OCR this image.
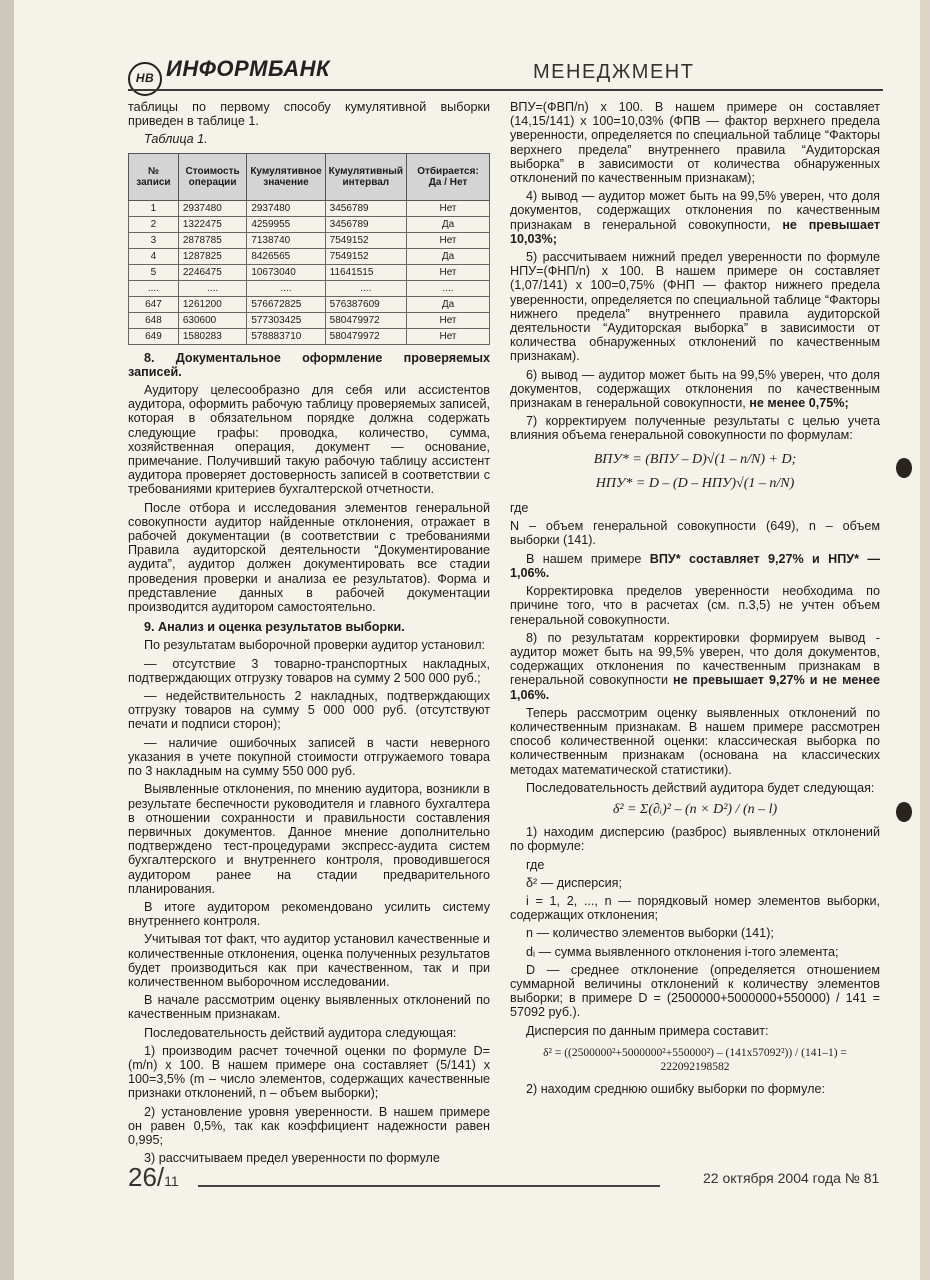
НВ ИНФОРМБАНК	МЕНЕДЖМЕНТ

таблицы по первому способу кумулятивной выборки приведен в таблице 1.

Таблица 1.
№ записи	Стоимость операции	Кумулятивное значение	Кумулятивный интервал	Отбирается: Да / Нет
1	2937480	2937480	3456789	Нет
2	1322475	4259955	3456789	Да
3	2878785	7138740	7549152	Нет
4	1287825	8426565	7549152	Да
5	2246475	10673040	11641515	Нет
....	....	....	....	....
647	1261200	576672825	576387609	Да
648	630600	577303425	580479972	Нет
649	1580283	578883710	580479972	Нет
8. Документальное оформление проверяемых записей.

Аудитору целесообразно для себя или ассистентов аудитора, оформить рабочую таблицу проверяемых записей, которая в обязательном порядке должна содержать следующие графы: проводка, количество, сумма, хозяйственная операция, документ — основание, примечание. Получивший такую рабочую таблицу ассистент аудитора проверяет достоверность записей в соответствии с требованиями критериев бухгалтерской отчетности.

После отбора и исследования элементов генеральной совокупности аудитор найденные отклонения, отражает в рабочей документации (в соответствии с требованиями Правила аудиторской деятельности “Документирование аудита”, аудитор должен документировать все стадии проведения проверки и анализа ее результатов). Форма и представление данных в рабочей документации производится аудитором самостоятельно.

9. Анализ и оценка результатов выборки.

По результатам выборочной проверки аудитор установил:

— отсутствие 3 товарно-транспортных накладных, подтверждающих отгрузку товаров на сумму 2 500 000 руб.;

— недействительность 2 накладных, подтверждающих отгрузку товаров на сумму 5 000 000 руб. (отсутствуют печати и подписи сторон);

— наличие ошибочных записей в части неверного указания в учете покупной стоимости отгружаемого товара по 3 накладным на сумму 550 000 руб.

Выявленные отклонения, по мнению аудитора, возникли в результате беспечности руководителя и главного бухгалтера в отношении сохранности и правильности составления первичных документов. Данное мнение дополнительно подтверждено тест-процедурами экспресс-аудита систем бухгалтерского и внутреннего контроля, проводившегося аудитором ранее на стадии предварительного планирования.

В итоге аудитором рекомендовано усилить систему внутреннего контроля.

Учитывая тот факт, что аудитор установил качественные и количественные отклонения, оценка полученных результатов будет производиться как при качественном, так и при количественном выборочном исследовании.

В начале рассмотрим оценку выявленных отклонений по качественным признакам.

Последовательность действий аудитора следующая:

1) производим расчет точечной оценки по формуле D=(m/n) х 100. В нашем примере она составляет (5/141) х 100=3,5% (m – число элементов, содержащих качественные признаки отклонений, n – объем выборки);

2) установление уровня уверенности. В нашем примере он равен 0,5%, так как коэффициент надежности равен 0,995;

3) рассчитываем предел уверенности по формуле

ВПУ=(ФВП/n) х 100. В нашем примере он составляет (14,15/141) х 100=10,03% (ФПВ — фактор верхнего предела уверенности, определяется по специальной таблице “Факторы верхнего предела” внутреннего правила “Аудиторская выборка” в зависимости от количества обнаруженных отклонений по качественным признакам);

4) вывод — аудитор может быть на 99,5% уверен, что доля документов, содержащих отклонения по качественным признакам в генеральной совокупности, не превышает 10,03%;

5) рассчитываем нижний предел уверенности по формуле НПУ=(ФНП/n) х 100. В нашем примере он составляет (1,07/141) х 100=0,75% (ФНП — фактор нижнего предела уверенности, определяется по специальной таблице “Факторы нижнего предела” внутреннего правила аудиторской деятельности “Аудиторская выборка” в зависимости от количества обнаруженных отклонений по качественным признакам).

6) вывод — аудитор может быть на 99,5% уверен, что доля документов, содержащих отклонения по качественным признакам в генеральной совокупности, не менее 0,75%;

7) корректируем полученные результаты с целью учета влияния объема генеральной совокупности по формулам:

ВПУ* = (ВПУ – D)√(1 – n/N) + D;
НПУ* = D – (D – НПУ)√(1 – n/N)

где

N – объем генеральной совокупности (649), n – объем выборки (141).

В нашем примере ВПУ* составляет 9,27% и НПУ* — 1,06%.

Корректировка пределов уверенности необходима по причине того, что в расчетах (см. п.3,5) не учтен объем генеральной совокупности.

8) по результатам корректировки формируем вывод - аудитор может быть на 99,5% уверен, что доля документов, содержащих отклонения по качественным признакам в генеральной совокупности не превышает 9,27% и не менее 1,06%.

Теперь рассмотрим оценку выявленных отклонений по количественным признакам. В нашем примере рассмотрен способ количественной оценки: классическая выборка по количественным признакам (основана на классических методах математической статистики).

Последовательность действий аудитора будет следующая:

δ² = Σ(∂ᵢ)² – (n × D²) / (n – l)

1) находим дисперсию (разброс) выявленных отклонений по формуле:

где

δ² — дисперсия;

i = 1, 2, ..., n — порядковый номер элементов выборки, содержащих отклонения;

n — количество элементов выборки (141);

dᵢ — сумма выявленного отклонения i-того элемента;

D — среднее отклонение (определяется отношением суммарной величины отклонений к количеству элементов выборки; в примере D = (2500000+5000000+550000) / 141 = 57092 руб.).

Дисперсия по данным примера составит:

δ² = ((2500000²+5000000²+550000²) – (141х57092²)) / (141–1) = 222092198582

2) находим среднюю ошибку выборки по формуле:

26/11	22 октября 2004 года № 81
